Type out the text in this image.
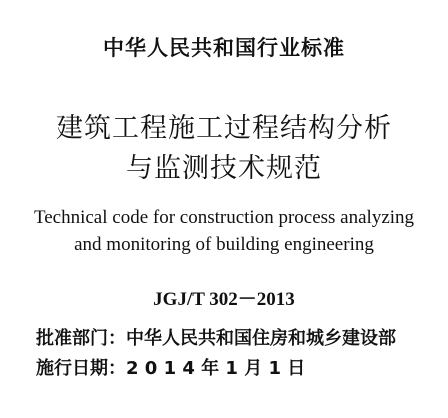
中华人民共和国行业标准
建筑工程施工过程结构分析
与监测技术规范
Technical code for construction process analyzing
and monitoring of building engineering
JGJ/T 302－2013
批准部门：中华人民共和国住房和城乡建设部
施行日期：2 0 1 4 年 1 月 1 日
